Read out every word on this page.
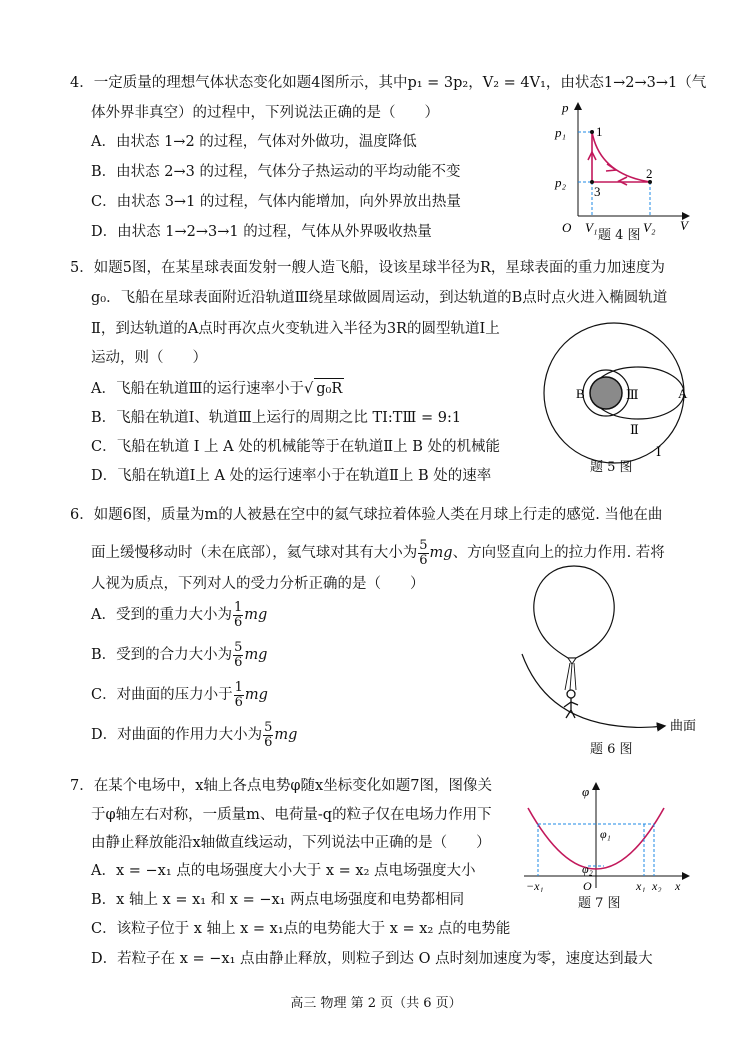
4．一定质量的理想气体状态变化如题4图所示，其中p₁ = 3p₂，V₂ = 4V₁，由状态1→2→3→1（气
体外界非真空）的过程中，下列说法正确的是（　　）
A．由状态 1→2 的过程，气体对外做功，温度降低
B．由状态 2→3 的过程，气体分子热运动的平均动能不变
C．由状态 3→1 的过程，气体内能增加，向外界放出热量
D．由状态 1→2→3→1 的过程，气体从外界吸收热量
p
V
O
p₁
p₂
V₁	V₂
1
2
3
题 4 图
5．如题5图，在某星球表面发射一艘人造飞船，设该星球半径为R，星球表面的重力加速度为
g₀．飞船在星球表面附近沿轨道Ⅲ绕星球做圆周运动，到达轨道的B点时点火进入椭圆轨道
Ⅱ，到达轨道的A点时再次点火变轨进入半径为3R的圆型轨道Ⅰ上
运动，则（　　）
A．飞船在轨道Ⅲ的运行速率小于√ g₀R
B．飞船在轨道Ⅰ、轨道Ⅲ上运行的周期之比 TⅠ:TⅢ = 9:1
C．飞船在轨道 Ⅰ 上 A 处的机械能等于在轨道Ⅱ上 B 处的机械能
D．飞船在轨道Ⅰ上 A 处的运行速率小于在轨道Ⅱ上 B 处的速率
B	A
Ⅲ
Ⅱ
Ⅰ
题 5 图
6．如题6图，质量为m的人被悬在空中的氦气球拉着体验人类在月球上行走的感觉. 当他在曲
面上缓慢移动时（未在底部），氦气球对其有大小为 $\frac{5}{6}$ mg、方向竖直向上的拉力作用. 若将
人视为质点，下列对人的受力分析正确的是（　　）
A．受到的重力大小为 $\frac{1}{6}$ mg
B．受到的合力大小为 $\frac{5}{6}$ mg
C．对曲面的压力小于 $\frac{1}{6}$ mg
D．对曲面的作用力大小为 $\frac{5}{6}$ mg
曲面
题 6 图
7．在某个电场中，x轴上各点电势φ随x坐标变化如题7图，图像关
于φ轴左右对称，一质量m、电荷量-q的粒子仅在电场力作用下
由静止释放能沿x轴做直线运动，下列说法中正确的是（　　）
A．x = −x₁ 点的电场强度大小大于 x = x₂ 点电场强度大小
B．x 轴上 x = x₁ 和 x = −x₁ 两点电场强度和电势都相同
C．该粒子位于 x 轴上 x = x₁点的电势能大于 x = x₂ 点的电势能
D．若粒子在 x = −x₁ 点由静止释放，则粒子到达 O 点时刻加速度为零，速度达到最大
φ
φ₁
φ₂
−x₁	O	x₁ x₂ x
题 7 图
高三 物理 第 2 页（共 6 页）
